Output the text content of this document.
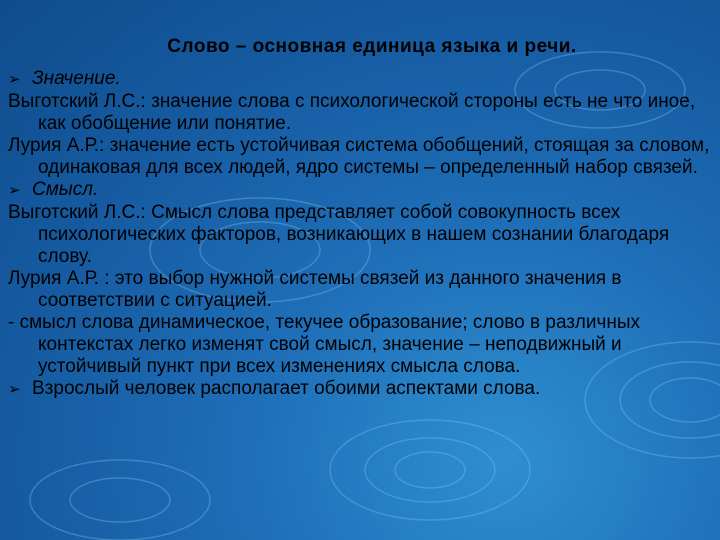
Слово – основная единица языка и речи.

➢ Значение.

Выготский Л.С.: значение слова с психологической стороны есть не что иное, как обобщение или понятие.

Лурия А.Р.: значение есть устойчивая система обобщений, стоящая за словом, одинаковая для всех людей, ядро системы – определенный набор связей.

➢ Смысл.

Выготский Л.С.: Смысл слова представляет собой совокупность всех психологических факторов, возникающих в нашем сознании благодаря слову.

Лурия А.Р. : это выбор нужной системы связей из данного значения в соответствии с ситуацией.

- смысл слова динамическое, текучее образование; слово в различных контекстах легко изменят свой смысл, значение – неподвижный и устойчивый пункт при всех изменениях смысла слова.

➢ Взрослый человек располагает обоими аспектами слова.
